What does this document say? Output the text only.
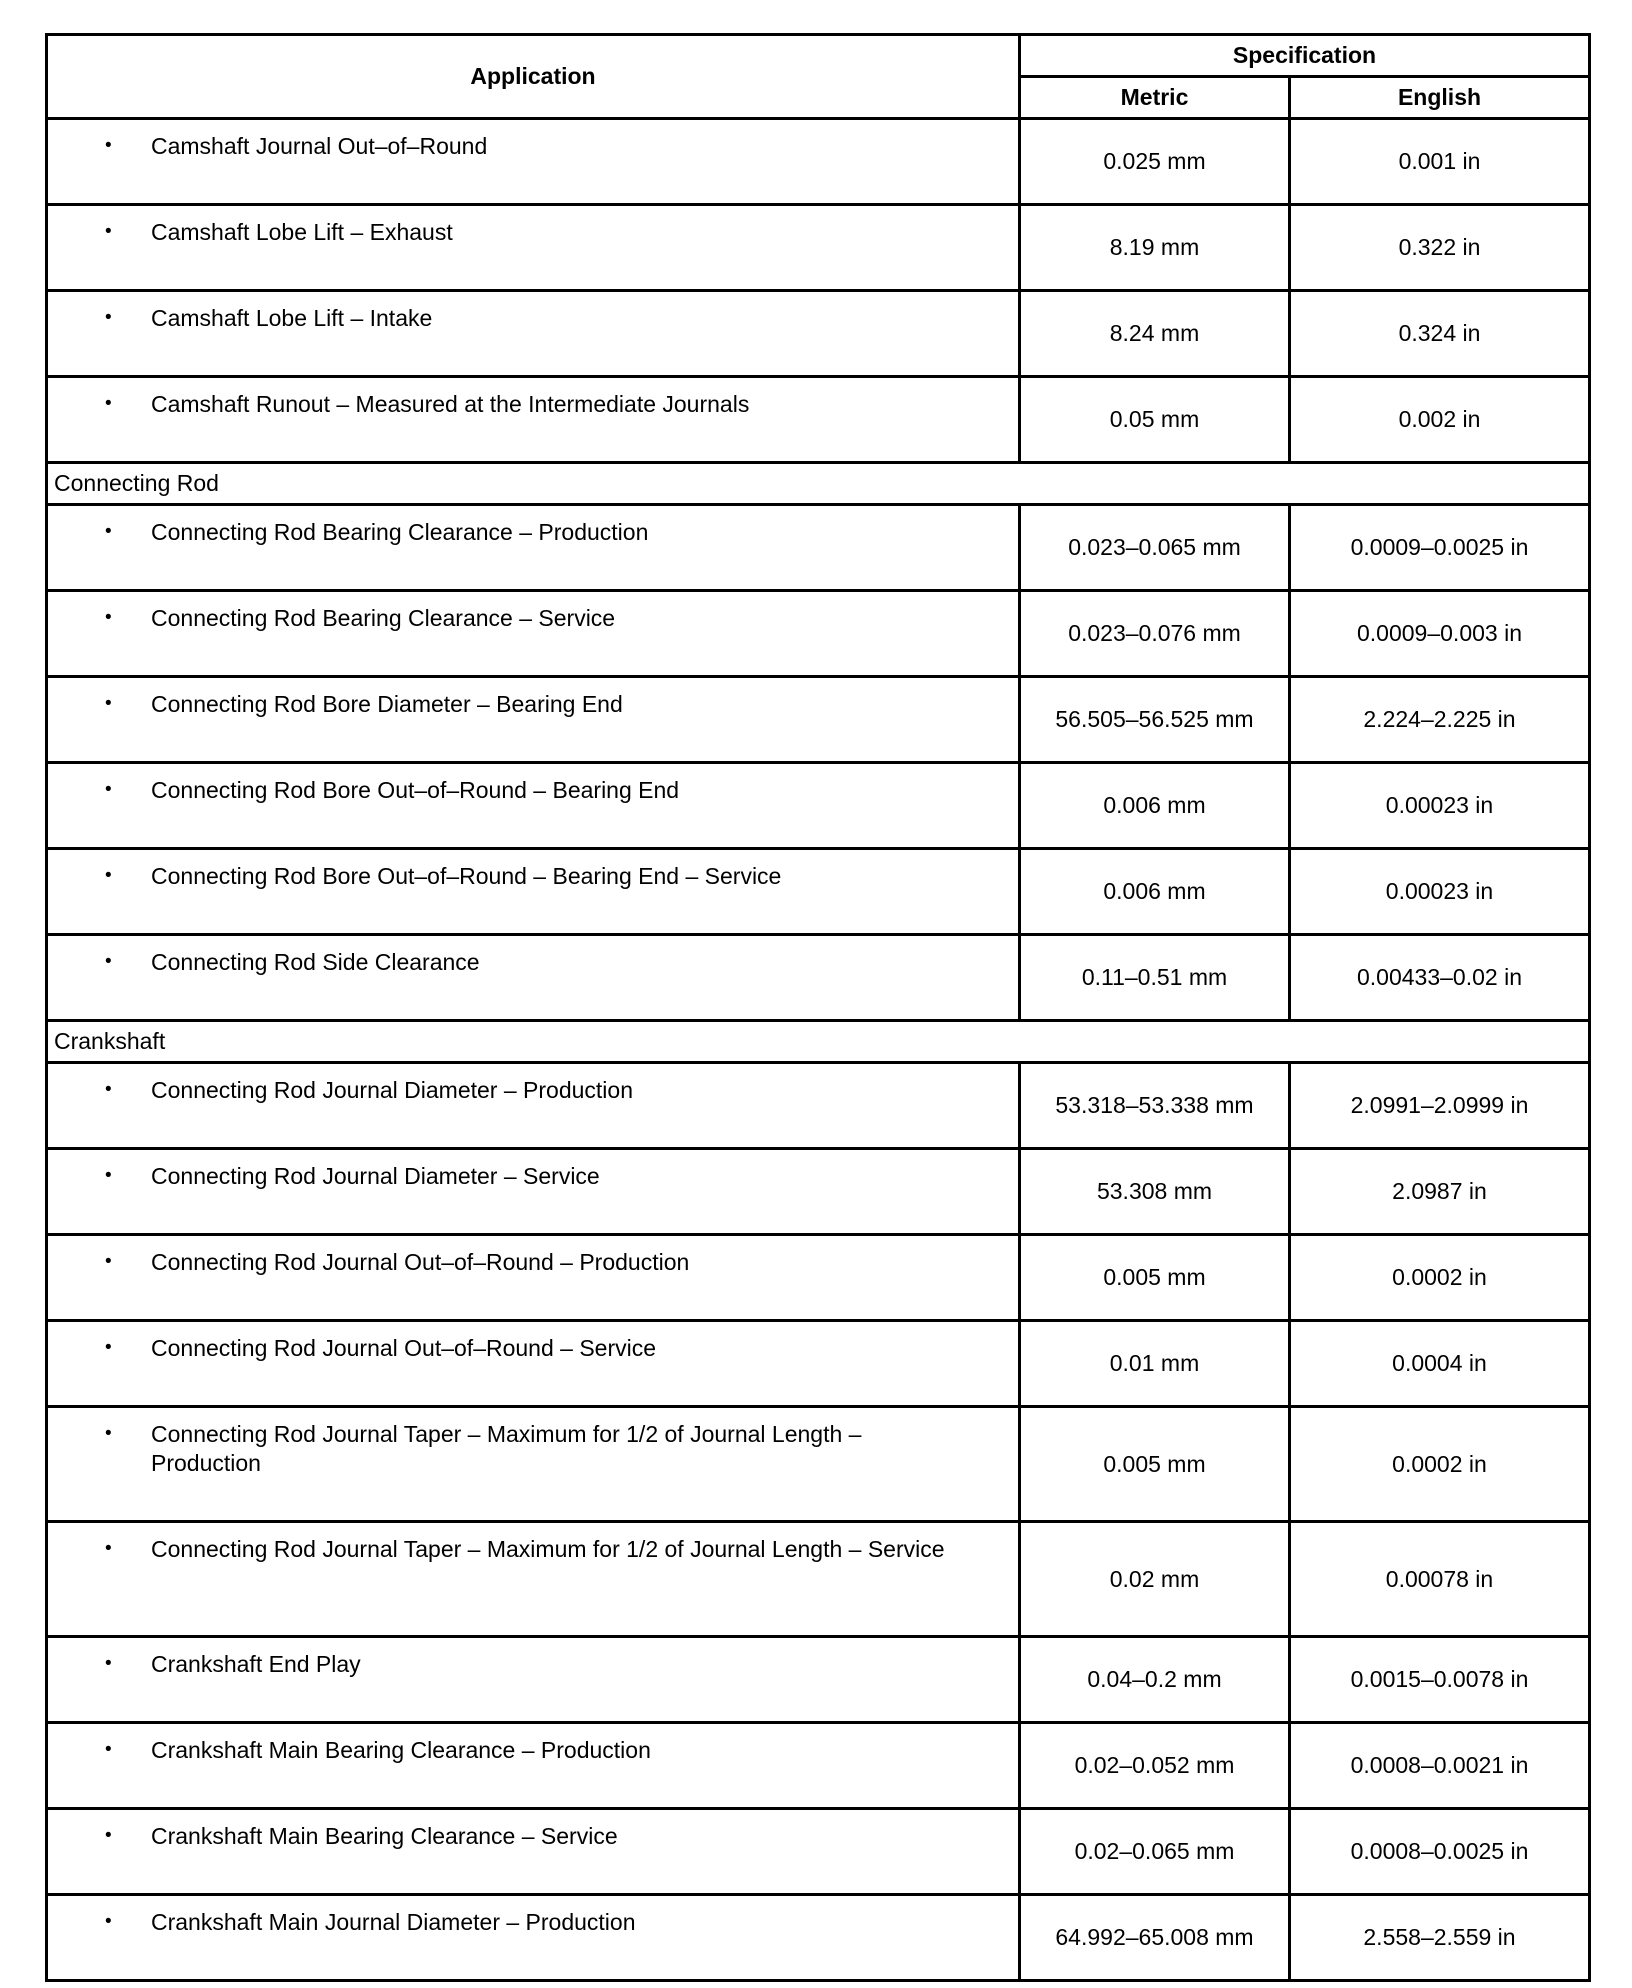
Application	Specification	
	Metric	English

• Camshaft Journal Out–of–Round	0.025 mm	0.001 in

• Camshaft Lobe Lift – Exhaust	8.19 mm	0.322 in

• Camshaft Lobe Lift – Intake	8.24 mm	0.324 in

• Camshaft Runout – Measured at the Intermediate Journals	0.05 mm	0.002 in
Connecting Rod		

• Connecting Rod Bearing Clearance – Production	0.023–0.065 mm	0.0009–0.0025 in

• Connecting Rod Bearing Clearance – Service	0.023–0.076 mm	0.0009–0.003 in

• Connecting Rod Bore Diameter – Bearing End	56.505–56.525 mm	2.224–2.225 in

• Connecting Rod Bore Out–of–Round – Bearing End	0.006 mm	0.00023 in

• Connecting Rod Bore Out–of–Round – Bearing End – Service	0.006 mm	0.00023 in

• Connecting Rod Side Clearance	0.11–0.51 mm	0.00433–0.02 in
Crankshaft		

• Connecting Rod Journal Diameter – Production	53.318–53.338 mm	2.0991–2.0999 in

• Connecting Rod Journal Diameter – Service	53.308 mm	2.0987 in

• Connecting Rod Journal Out–of–Round – Production	0.005 mm	0.0002 in

• Connecting Rod Journal Out–of–Round – Service	0.01 mm	0.0004 in

• Connecting Rod Journal Taper – Maximum for 1/2 of Journal Length – Production	0.005 mm	0.0002 in

• Connecting Rod Journal Taper – Maximum for 1/2 of Journal Length – Service	0.02 mm	0.00078 in

• Crankshaft End Play	0.04–0.2 mm	0.0015–0.0078 in

• Crankshaft Main Bearing Clearance – Production	0.02–0.052 mm	0.0008–0.0021 in

• Crankshaft Main Bearing Clearance – Service	0.02–0.065 mm	0.0008–0.0025 in

• Crankshaft Main Journal Diameter – Production	64.992–65.008 mm	2.558–2.559 in
